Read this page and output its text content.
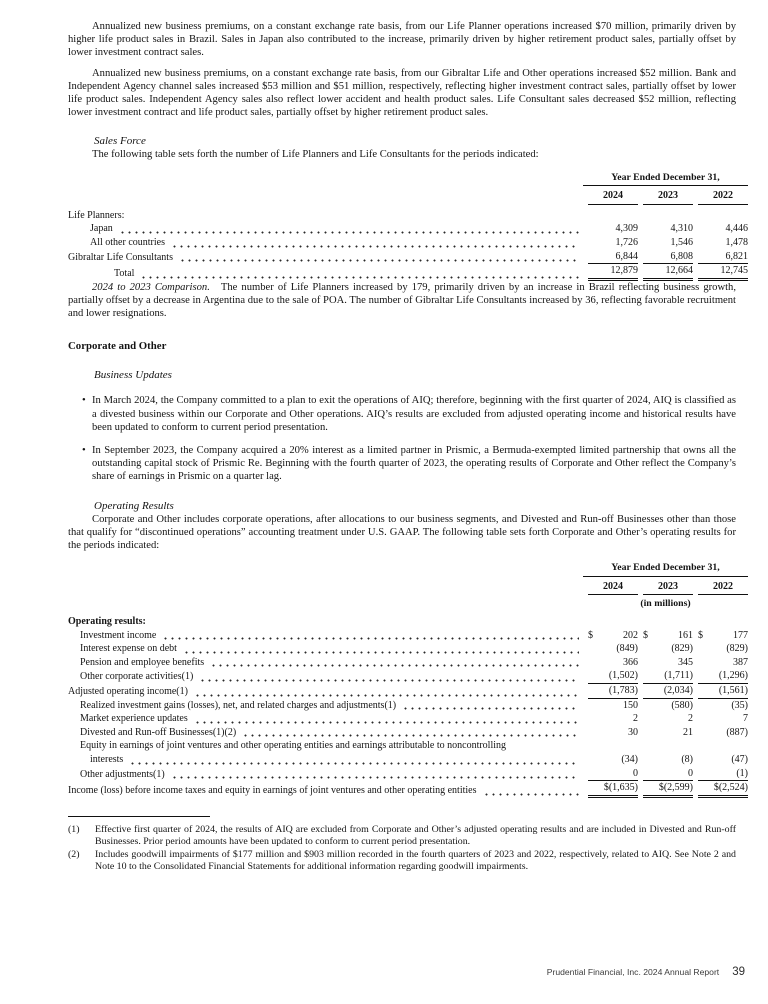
Annualized new business premiums, on a constant exchange rate basis, from our Life Planner operations increased $70 million, primarily driven by higher life product sales in Brazil. Sales in Japan also contributed to the increase, primarily driven by higher retirement product sales, partially offset by lower investment contract sales.

Annualized new business premiums, on a constant exchange rate basis, from our Gibraltar Life and Other operations increased $52 million. Bank and Independent Agency channel sales increased $53 million and $51 million, respectively, reflecting higher investment contract sales, partially offset by lower life product sales. Independent Agency sales also reflect lower accident and health product sales. Life Consultant sales decreased $52 million, reflecting lower investment contract and life product sales, partially offset by higher retirement product sales.

Sales Force

The following table sets forth the number of Life Planners and Life Consultants for the periods indicated:

Year Ended December 31,
2024	2023	2022
Life Planners:
Japan	4,309	4,310	4,446
All other countries	1,726	1,546	1,478
Gibraltar Life Consultants	6,844	6,808	6,821
Total	12,879	12,664	12,745

2024 to 2023 Comparison. The number of Life Planners increased by 179, primarily driven by an increase in Brazil reflecting business growth, partially offset by a decrease in Argentina due to the sale of POA. The number of Gibraltar Life Consultants increased by 36, reflecting favorable recruitment and lower resignations.

Corporate and Other
Business Updates
• In March 2024, the Company committed to a plan to exit the operations of AIQ; therefore, beginning with the first quarter of 2024, AIQ is classified as a divested business within our Corporate and Other operations. AIQ’s results are excluded from adjusted operating income and historical results have been updated to conform to current period presentation.
• In September 2023, the Company acquired a 20% interest as a limited partner in Prismic, a Bermuda-exempted limited partnership that owns all the outstanding capital stock of Prismic Re. Beginning with the fourth quarter of 2023, the operating results of Corporate and Other reflect the Company’s share of earnings in Prismic on a quarter lag.
Operating Results

Corporate and Other includes corporate operations, after allocations to our business segments, and Divested and Run-off Businesses other than those that qualify for “discontinued operations” accounting treatment under U.S. GAAP. The following table sets forth Corporate and Other’s operating results for the periods indicated:

Year Ended December 31,
2024	2023	2022
(in millions)
Operating results:
Investment income	$	202 $	161 $	177
Interest expense on debt	(849)	(829)	(829)
Pension and employee benefits	366	345	387
Other corporate activities(1)	(1,502)	(1,711)	(1,296)
Adjusted operating income(1)	(1,783)	(2,034)	(1,561)
Realized investment gains (losses), net, and related charges and adjustments(1)	150	(580)	(35)
Market experience updates	2	2	7
Divested and Run-off Businesses(1)(2)	30	21	(887)
Equity in earnings of joint ventures and other operating entities and earnings attributable to noncontrolling
interests	(34)	(8)	(47)
Other adjustments(1)	0	0	(1)
Income (loss) before income taxes and equity in earnings of joint ventures and other operating entities	$(1,635) $(2,599) $(2,524)
(1)	Effective first quarter of 2024, the results of AIQ are excluded from Corporate and Other’s adjusted operating results and are included in Divested and Run-off Businesses. Prior period amounts have been updated to conform to current period presentation.
(2)	Includes goodwill impairments of $177 million and $903 million recorded in the fourth quarters of 2023 and 2022, respectively, related to AIQ. See Note 2 and Note 10 to the Consolidated Financial Statements for additional information regarding goodwill impairments.
Prudential Financial, Inc. 2024 Annual Report 39
